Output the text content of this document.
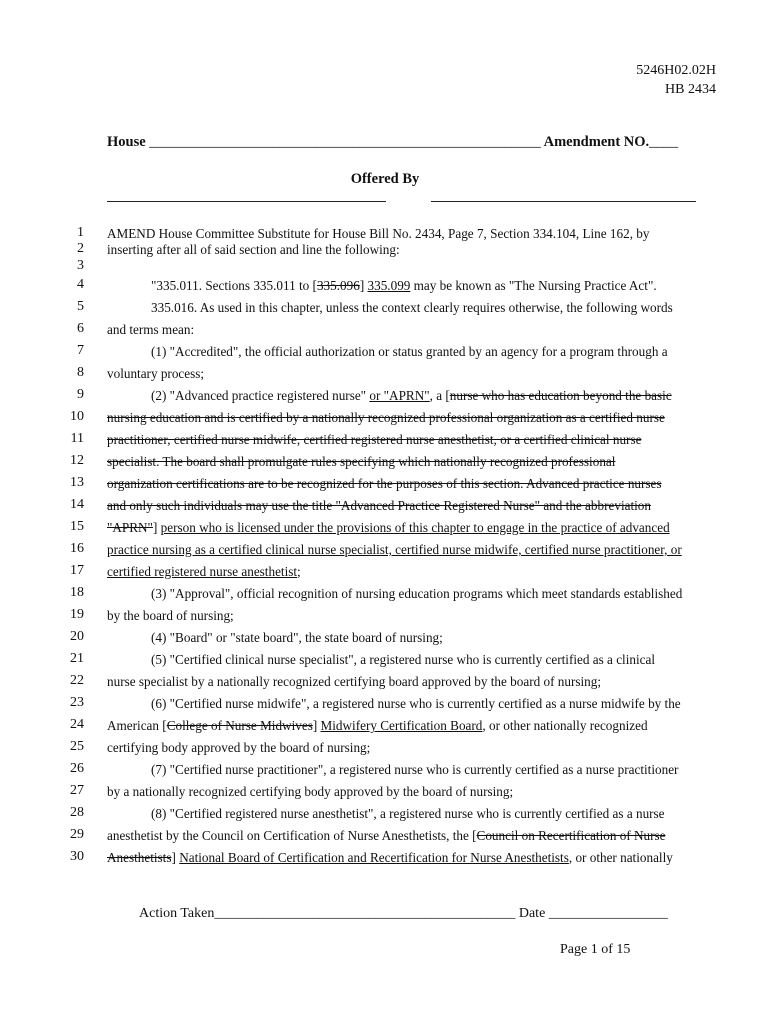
5246H02.02H
HB 2434
House ______________________________________________________ Amendment NO.____
Offered By
1 AMEND House Committee Substitute for House Bill No. 2434, Page 7, Section 334.104, Line 162, by
2 inserting after all of said section and line the following:
3
4	"335.011. Sections 335.011 to [335.096] 335.099 may be known as "The Nursing Practice Act".
5	335.016. As used in this chapter, unless the context clearly requires otherwise, the following words
6 and terms mean:
7	(1) "Accredited", the official authorization or status granted by an agency for a program through a
8 voluntary process;
9	(2) "Advanced practice registered nurse" or "APRN", a [nurse who has education beyond the basic
10 nursing education and is certified by a nationally recognized professional organization as a certified nurse
11 practitioner, certified nurse midwife, certified registered nurse anesthetist, or a certified clinical nurse
12 specialist. The board shall promulgate rules specifying which nationally recognized professional
13 organization certifications are to be recognized for the purposes of this section. Advanced practice nurses
14 and only such individuals may use the title "Advanced Practice Registered Nurse" and the abbreviation
15 "APRN"] person who is licensed under the provisions of this chapter to engage in the practice of advanced
16 practice nursing as a certified clinical nurse specialist, certified nurse midwife, certified nurse practitioner, or
17 certified registered nurse anesthetist;
18	(3) "Approval", official recognition of nursing education programs which meet standards established
19 by the board of nursing;
20	(4) "Board" or "state board", the state board of nursing;
21	(5) "Certified clinical nurse specialist", a registered nurse who is currently certified as a clinical
22 nurse specialist by a nationally recognized certifying board approved by the board of nursing;
23	(6) "Certified nurse midwife", a registered nurse who is currently certified as a nurse midwife by the
24 American [College of Nurse Midwives] Midwifery Certification Board, or other nationally recognized
25 certifying body approved by the board of nursing;
26	(7) "Certified nurse practitioner", a registered nurse who is currently certified as a nurse practitioner
27 by a nationally recognized certifying body approved by the board of nursing;
28	(8) "Certified registered nurse anesthetist", a registered nurse who is currently certified as a nurse
29 anesthetist by the Council on Certification of Nurse Anesthetists, the [Council on Recertification of Nurse
30 Anesthetists] National Board of Certification and Recertification for Nurse Anesthetists, or other nationally
Action Taken___________________________________________ Date _________________
Page 1 of 15
